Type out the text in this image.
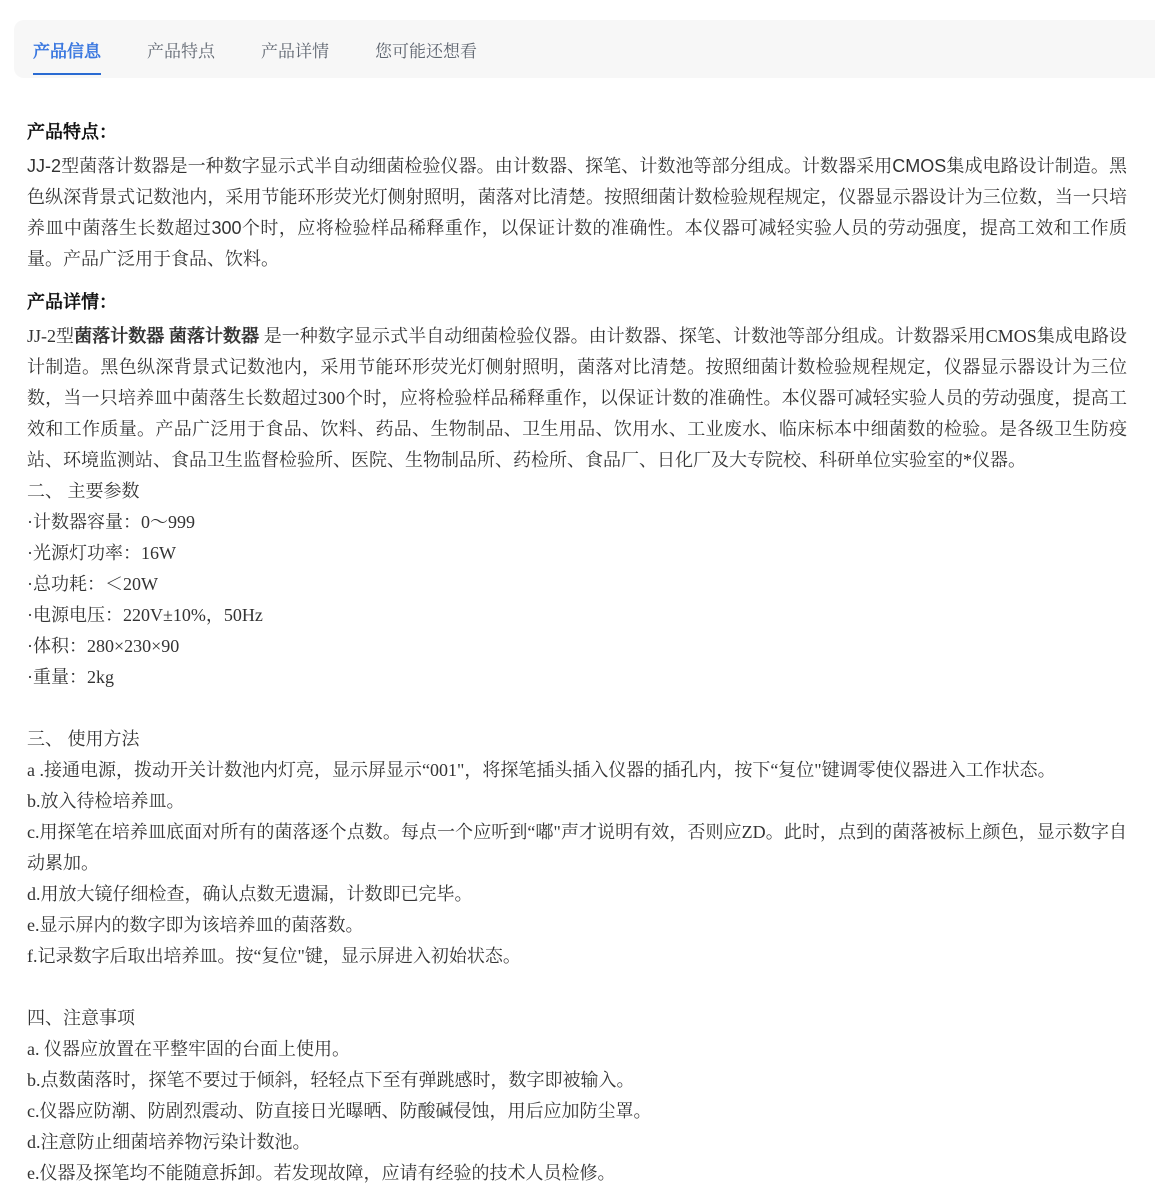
产品信息	产品特点	产品详情	您可能还想看
产品特点：

JJ-2型菌落计数器是一种数字显示式半自动细菌检验仪器。由计数器、探笔、计数池等部分组成。计数器采用CMOS集成电路设计制造。黑色纵深背景式记数池内，采用节能环形荧光灯侧射照明，菌落对比清楚。按照细菌计数检验规程规定，仪器显示器设计为三位数，当一只培养皿中菌落生长数超过300个时，应将检验样品稀释重作，以保证计数的准确性。本仪器可减轻实验人员的劳动强度，提高工效和工作质量。产品广泛用于食品、饮料。

产品详情：

JJ-2型菌落计数器 菌落计数器 是一种数字显示式半自动细菌检验仪器。由计数器、探笔、计数池等部分组成。计数器采用CMOS集成电路设计制造。黑色纵深背景式记数池内，采用节能环形荧光灯侧射照明，菌落对比清楚。按照细菌计数检验规程规定，仪器显示器设计为三位数，当一只培养皿中菌落生长数超过300个时，应将检验样品稀释重作，以保证计数的准确性。本仪器可减轻实验人员的劳动强度，提高工效和工作质量。产品广泛用于食品、饮料、药品、生物制品、卫生用品、饮用水、工业废水、临床标本中细菌数的检验。是各级卫生防疫站、环境监测站、食品卫生监督检验所、医院、生物制品所、药检所、食品厂、日化厂及大专院校、科研单位实验室的*仪器。

二、 主要参数

·计数器容量：0～999

·光源灯功率：16W

·总功耗：＜20W

·电源电压：220V±10%，50Hz

·体积：280×230×90

·重量：2kg

三、 使用方法

a .接通电源，拨动开关计数池内灯亮，显示屏显示“001"，将探笔插头插入仪器的插孔内，按下“复位"键调零使仪器进入工作状态。

b.放入待检培养皿。

c.用探笔在培养皿底面对所有的菌落逐个点数。每点一个应听到“嘟"声才说明有效，否则应ZD。此时，点到的菌落被标上颜色，显示数字自动累加。

d.用放大镜仔细检查，确认点数无遗漏，计数即已完毕。

e.显示屏内的数字即为该培养皿的菌落数。

f.记录数字后取出培养皿。按“复位"键，显示屏进入初始状态。

四、注意事项

a. 仪器应放置在平整牢固的台面上使用。

b.点数菌落时，探笔不要过于倾斜，轻轻点下至有弹跳感时，数字即被输入。

c.仪器应防潮、防剧烈震动、防直接日光曝晒、防酸碱侵蚀，用后应加防尘罩。

d.注意防止细菌培养物污染计数池。

e.仪器及探笔均不能随意拆卸。若发现故障，应请有经验的技术人员检修。
